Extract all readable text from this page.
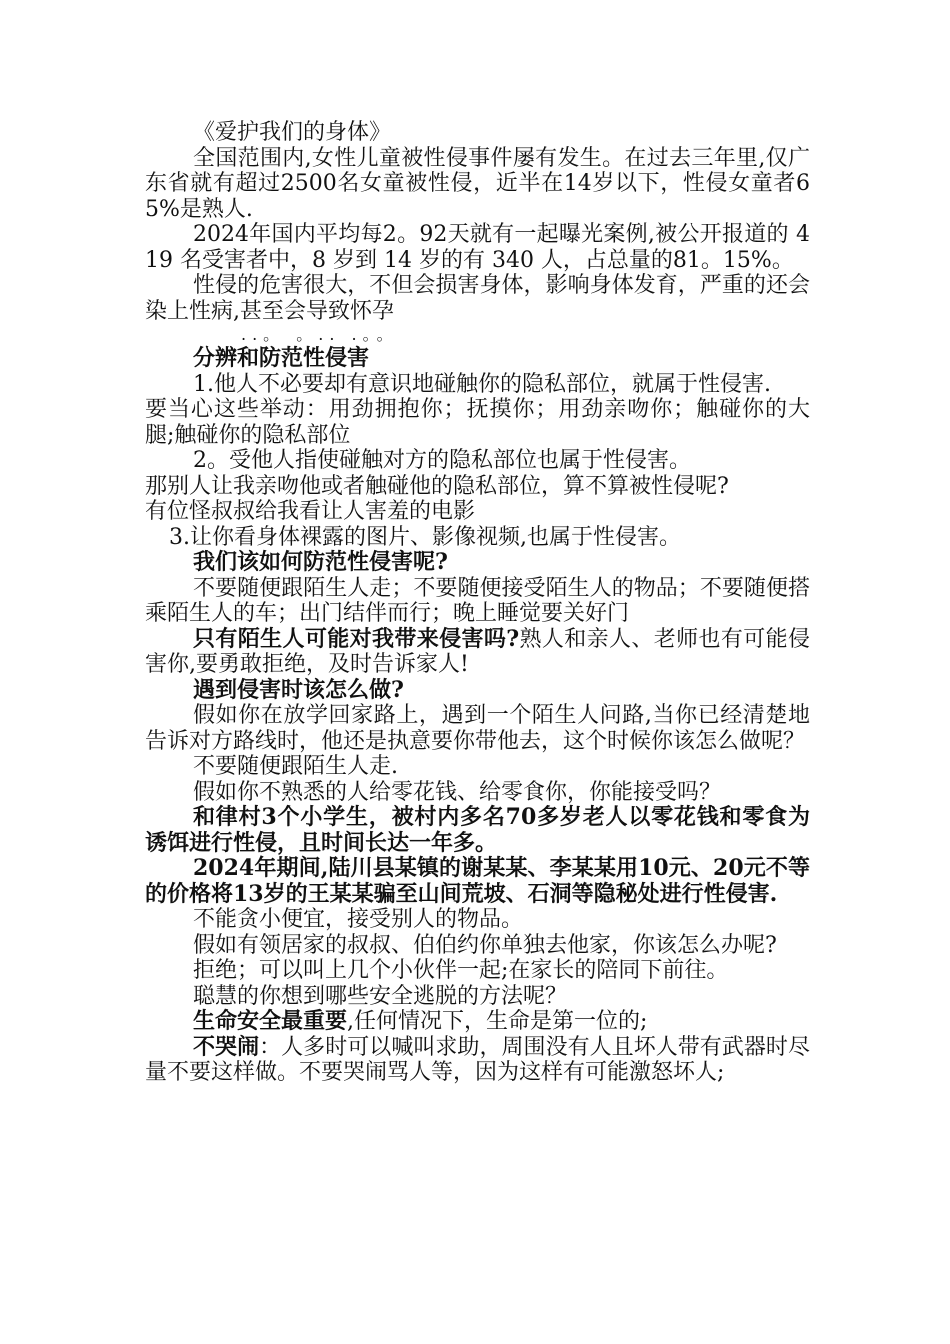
《爱护我们的身体》

全国范围内,女性儿童被性侵事件屡有发生。在过去三年里,仅广东省就有超过2500名女童被性侵，近半在14岁以下，性侵女童者65%是熟人.

2024年国内平均每2。92天就有一起曝光案例,被公开报道的 419 名受害者中，8 岁到 14 岁的有 340 人，占总量的81。15%。

性侵的危害很大，不但会损害身体，影响身体发育，严重的还会染上性病,甚至会导致怀孕

..。 。.. .。。

分辨和防范性侵害

1.他人不必要却有意识地碰触你的隐私部位，就属于性侵害.

要当心这些举动：用劲拥抱你；抚摸你；用劲亲吻你；触碰你的大腿;触碰你的隐私部位

2。受他人指使碰触对方的隐私部位也属于性侵害。

那别人让我亲吻他或者触碰他的隐私部位，算不算被性侵呢?

有位怪叔叔给我看让人害羞的电影

3.让你看身体裸露的图片、影像视频,也属于性侵害。

我们该如何防范性侵害呢?

不要随便跟陌生人走；不要随便接受陌生人的物品；不要随便搭乘陌生人的车；出门结伴而行；晚上睡觉要关好门

只有陌生人可能对我带来侵害吗?熟人和亲人、老师也有可能侵害你,要勇敢拒绝，及时告诉家人!

遇到侵害时该怎么做?

假如你在放学回家路上，遇到一个陌生人问路,当你已经清楚地告诉对方路线时，他还是执意要你带他去，这个时候你该怎么做呢？

不要随便跟陌生人走.

假如你不熟悉的人给零花钱、给零食你，你能接受吗？

和律村3个小学生，被村内多名70多岁老人以零花钱和零食为诱饵进行性侵，且时间长达一年多。

2024年期间,陆川县某镇的谢某某、李某某用10元、20元不等的价格将13岁的王某某骗至山间荒坡、石洞等隐秘处进行性侵害.

不能贪小便宜，接受别人的物品。

假如有领居家的叔叔、伯伯约你单独去他家，你该怎么办呢?

拒绝；可以叫上几个小伙伴一起;在家长的陪同下前往。

聪慧的你想到哪些安全逃脱的方法呢？

生命安全最重要,任何情况下，生命是第一位的;

不哭闹：人多时可以喊叫求助，周围没有人且坏人带有武器时尽量不要这样做。不要哭闹骂人等，因为这样有可能激怒坏人;
